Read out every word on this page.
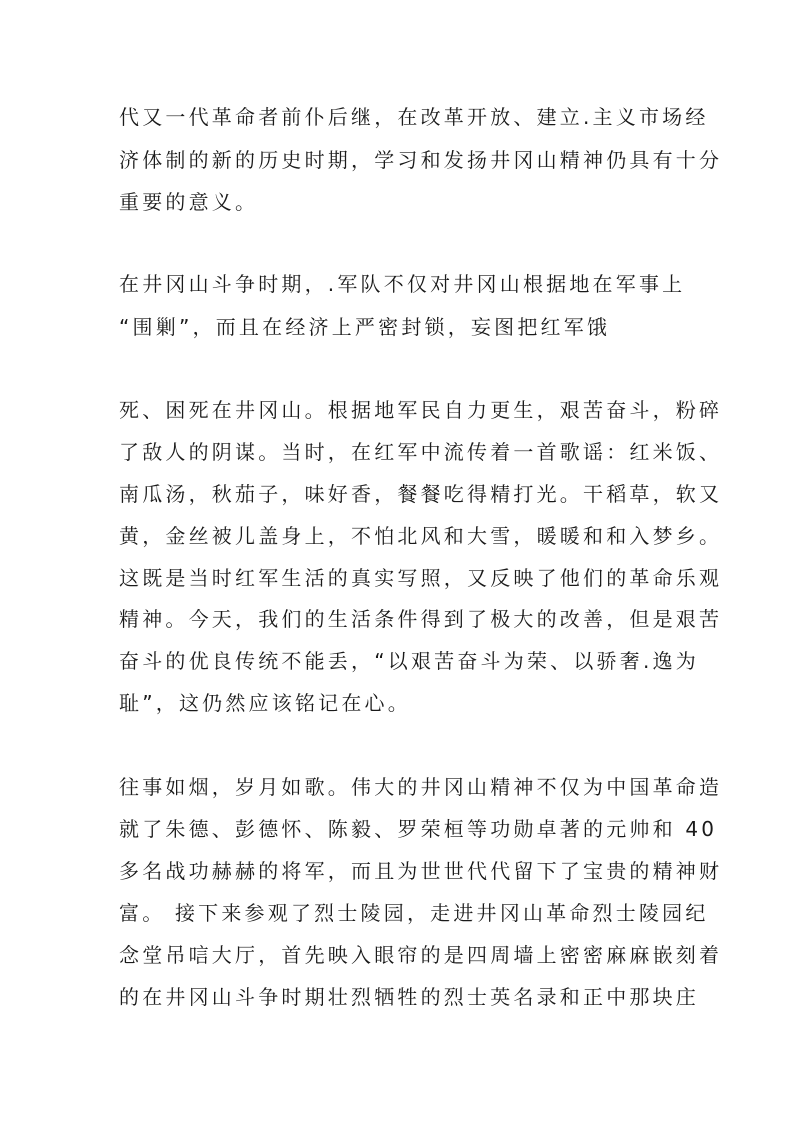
代又一代革命者前仆后继，在改革开放、建立.主义市场经
济体制的新的历史时期，学习和发扬井冈山精神仍具有十分
重要的意义。
在井冈山斗争时期，.军队不仅对井冈山根据地在军事上
“围剿”，而且在经济上严密封锁，妄图把红军饿
死、困死在井冈山。根据地军民自力更生，艰苦奋斗，粉碎
了敌人的阴谋。当时，在红军中流传着一首歌谣：红米饭、
南瓜汤，秋茄子，味好香，餐餐吃得精打光。干稻草，软又
黄，金丝被儿盖身上，不怕北风和大雪，暖暖和和入梦乡。
这既是当时红军生活的真实写照，又反映了他们的革命乐观
精神。今天，我们的生活条件得到了极大的改善，但是艰苦
奋斗的优良传统不能丢，“以艰苦奋斗为荣、以骄奢.逸为
耻”，这仍然应该铭记在心。
往事如烟，岁月如歌。伟大的井冈山精神不仅为中国革命造
就了朱德、彭德怀、陈毅、罗荣桓等功勋卓著的元帅和 40
多名战功赫赫的将军，而且为世世代代留下了宝贵的精神财
富。 接下来参观了烈士陵园，走进井冈山革命烈士陵园纪
念堂吊唁大厅，首先映入眼帘的是四周墙上密密麻麻嵌刻着
的在井冈山斗争时期壮烈牺牲的烈士英名录和正中那块庄
